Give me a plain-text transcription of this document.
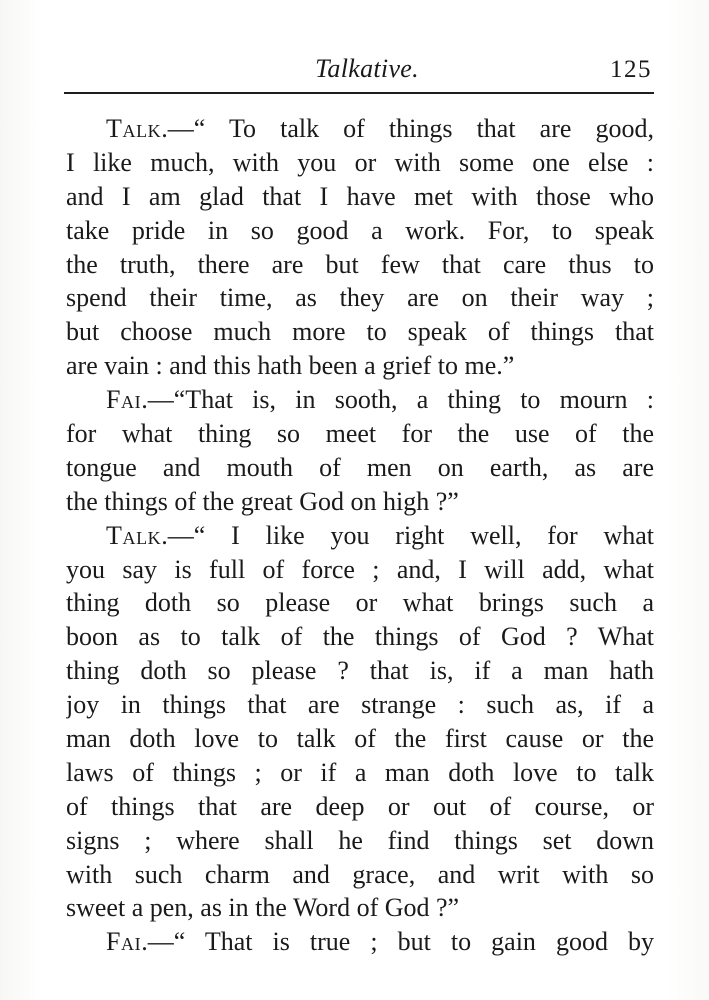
Talkative.	125
Talk.—“ To talk of things that are good,
I like much, with you or with some one else :
and I am glad that I have met with those who
take pride in so good a work. For, to speak
the truth, there are but few that care thus to
spend their time, as they are on their way ;
but choose much more to speak of things that
are vain : and this hath been a grief to me.”
Fai.—“That is, in sooth, a thing to mourn :
for what thing so meet for the use of the
tongue and mouth of men on earth, as are
the things of the great God on high ?”
Talk.—“ I like you right well, for what
you say is full of force ; and, I will add, what
thing doth so please or what brings such a
boon as to talk of the things of God ? What
thing doth so please ? that is, if a man hath
joy in things that are strange : such as, if a
man doth love to talk of the first cause or the
laws of things ; or if a man doth love to talk
of things that are deep or out of course, or
signs ; where shall he find things set down
with such charm and grace, and writ with so
sweet a pen, as in the Word of God ?”
Fai.—“ That is true ; but to gain good by
